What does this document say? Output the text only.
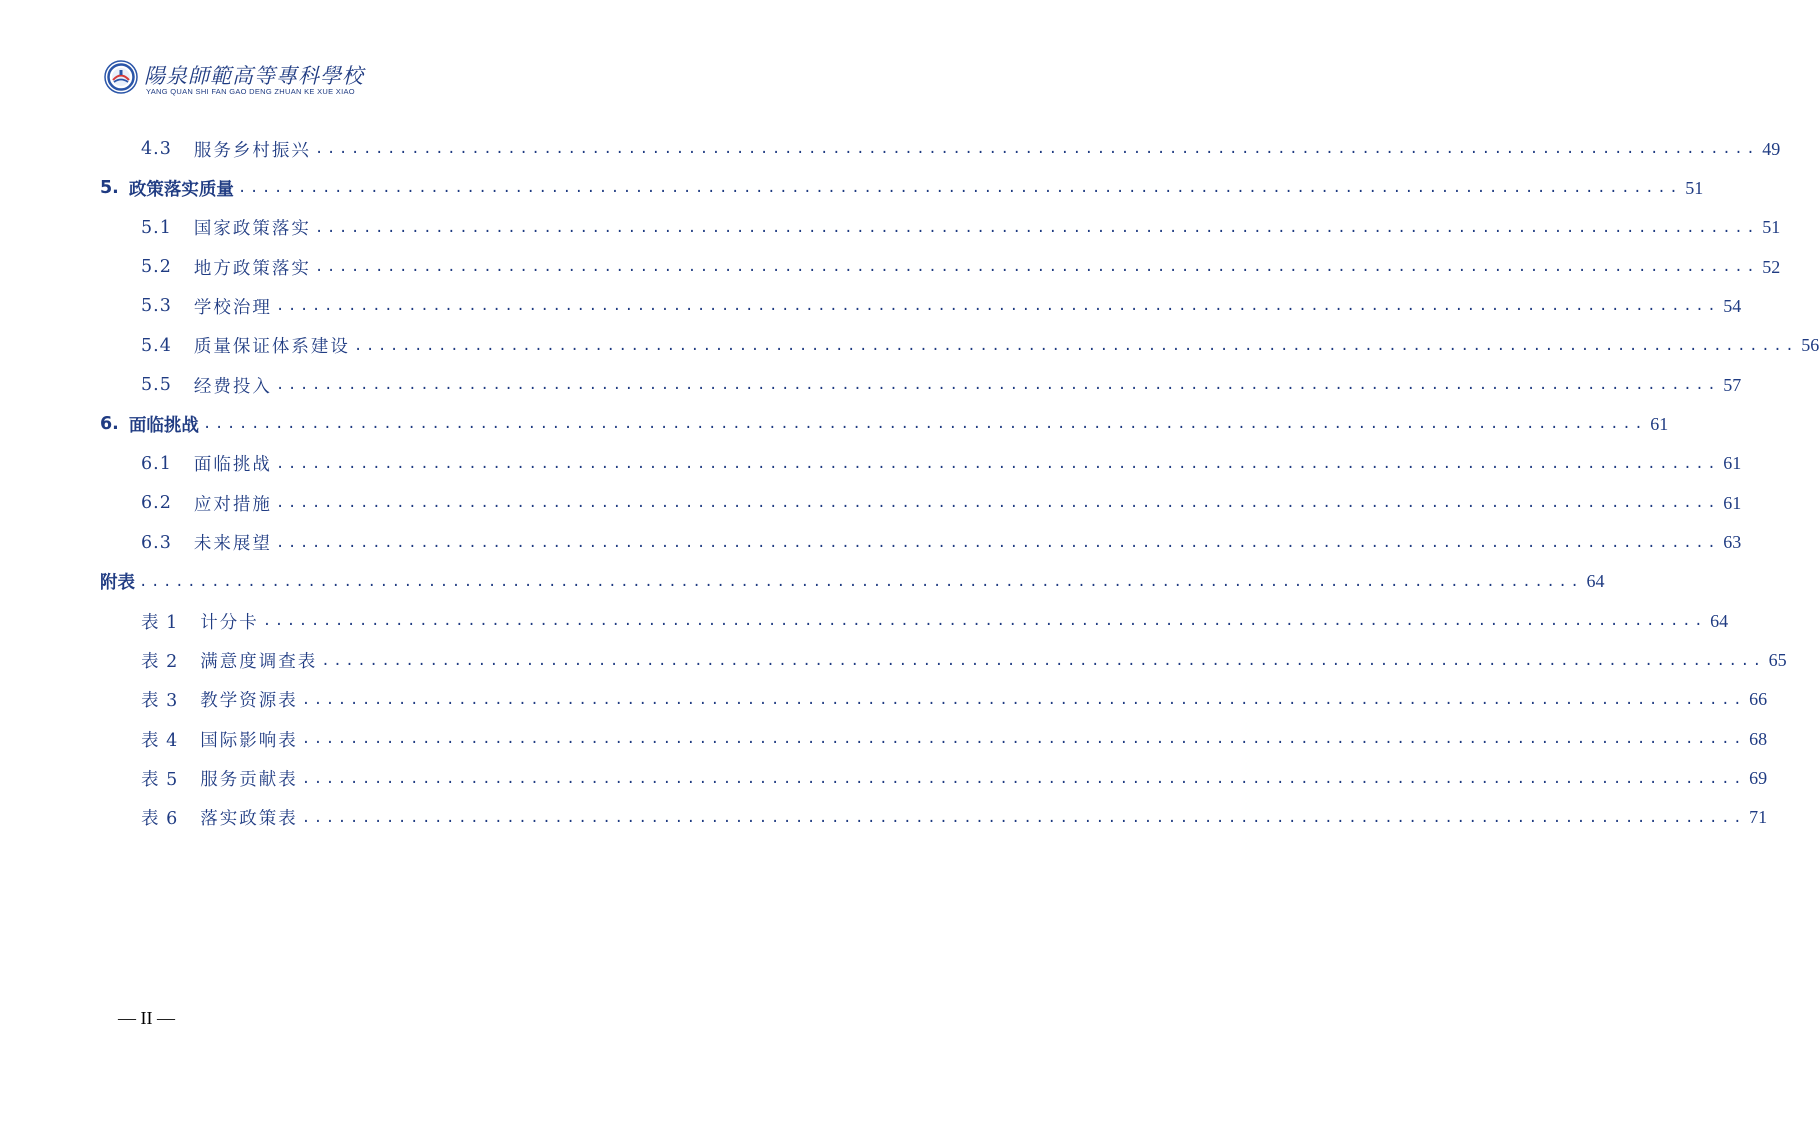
陽泉師範高等專科學校
YANG QUAN SHI FAN GAO DENG ZHUAN KE XUE XIAO
4.3 服务乡村振兴 ........................................................................................................................ 49
5. 政策落实质量 ........................................................................................................................ 51
5.1 国家政策落实 ........................................................................................................................ 51
5.2 地方政策落实 ........................................................................................................................ 52
5.3 学校治理 ........................................................................................................................ 54
5.4 质量保证体系建设 ........................................................................................................................ 56
5.5 经费投入 ........................................................................................................................ 57
6. 面临挑战 ........................................................................................................................ 61
6.1 面临挑战 ........................................................................................................................ 61
6.2 应对措施 ........................................................................................................................ 61
6.3 未来展望 ........................................................................................................................ 63
附表 ........................................................................................................................ 64
表 1 计分卡 ........................................................................................................................ 64
表 2 满意度调查表 ........................................................................................................................ 65
表 3 教学资源表 ........................................................................................................................ 66
表 4 国际影响表 ........................................................................................................................ 68
表 5 服务贡献表 ........................................................................................................................ 69
表 6 落实政策表 ........................................................................................................................ 71
— II —
